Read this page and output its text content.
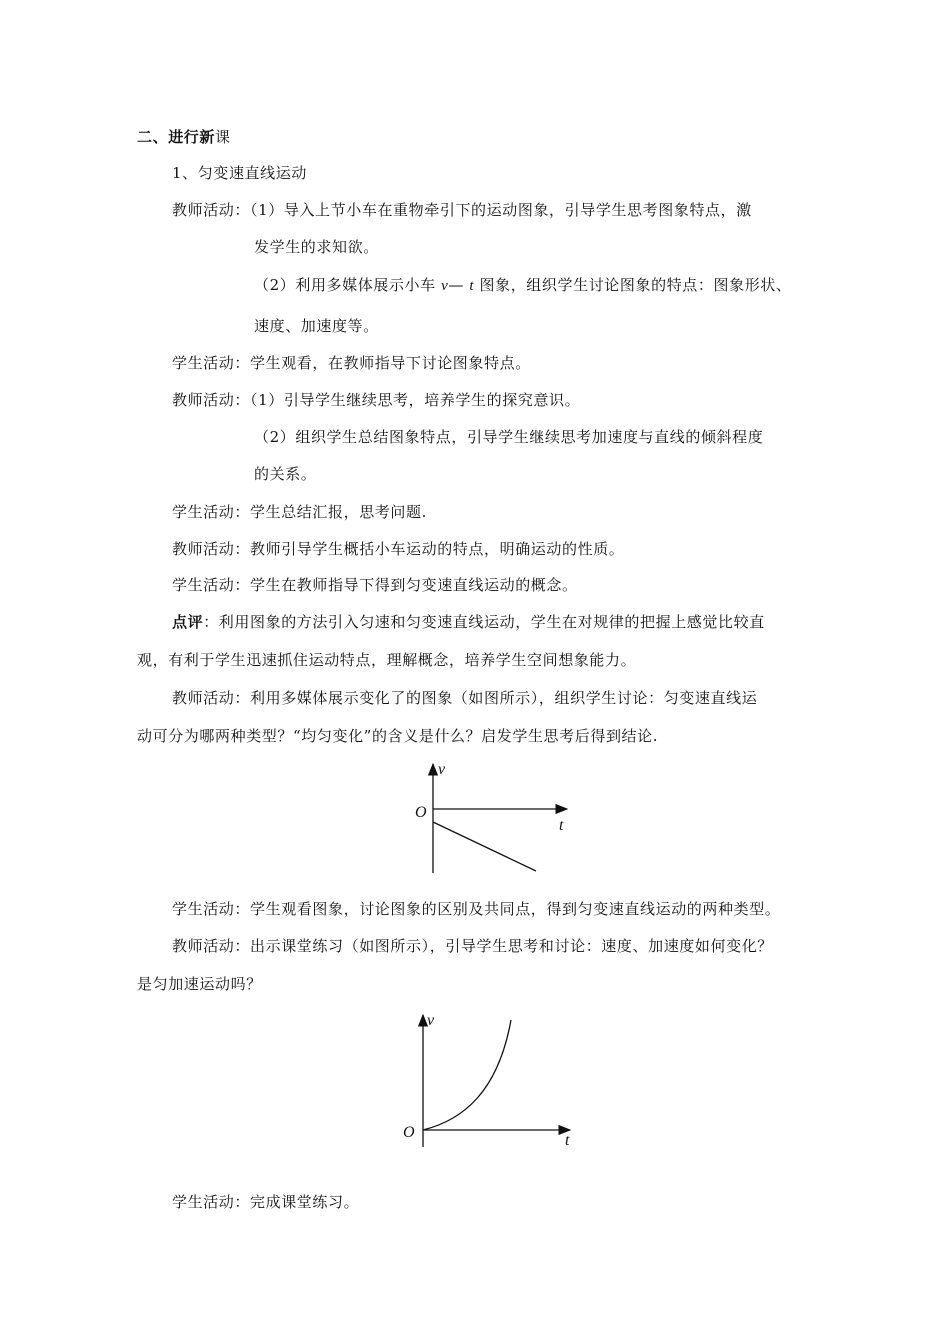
二、进行新课
1、匀变速直线运动
教师活动：（1）导入上节小车在重物牵引下的运动图象，引导学生思考图象特点，激
发学生的求知欲。
（2）利用多媒体展示小车 v— t 图象，组织学生讨论图象的特点：图象形状、
速度、加速度等。
学生活动：学生观看，在教师指导下讨论图象特点。
教师活动：（1）引导学生继续思考，培养学生的探究意识。
（2）组织学生总结图象特点，引导学生继续思考加速度与直线的倾斜程度
的关系。
学生活动：学生总结汇报，思考问题.
教师活动：教师引导学生概括小车运动的特点，明确运动的性质。
学生活动：学生在教师指导下得到匀变速直线运动的概念。
点评：利用图象的方法引入匀速和匀变速直线运动，学生在对规律的把握上感觉比较直
观，有利于学生迅速抓住运动特点，理解概念，培养学生空间想象能力。
教师活动：利用多媒体展示变化了的图象（如图所示），组织学生讨论：匀变速直线运
动可分为哪两种类型？“均匀变化”的含义是什么？启发学生思考后得到结论.
v
O
t
学生活动：学生观看图象，讨论图象的区别及共同点，得到匀变速直线运动的两种类型。
教师活动：出示课堂练习（如图所示），引导学生思考和讨论：速度、加速度如何变化？
是匀加速运动吗？
v
O	t
学生活动：完成课堂练习。
